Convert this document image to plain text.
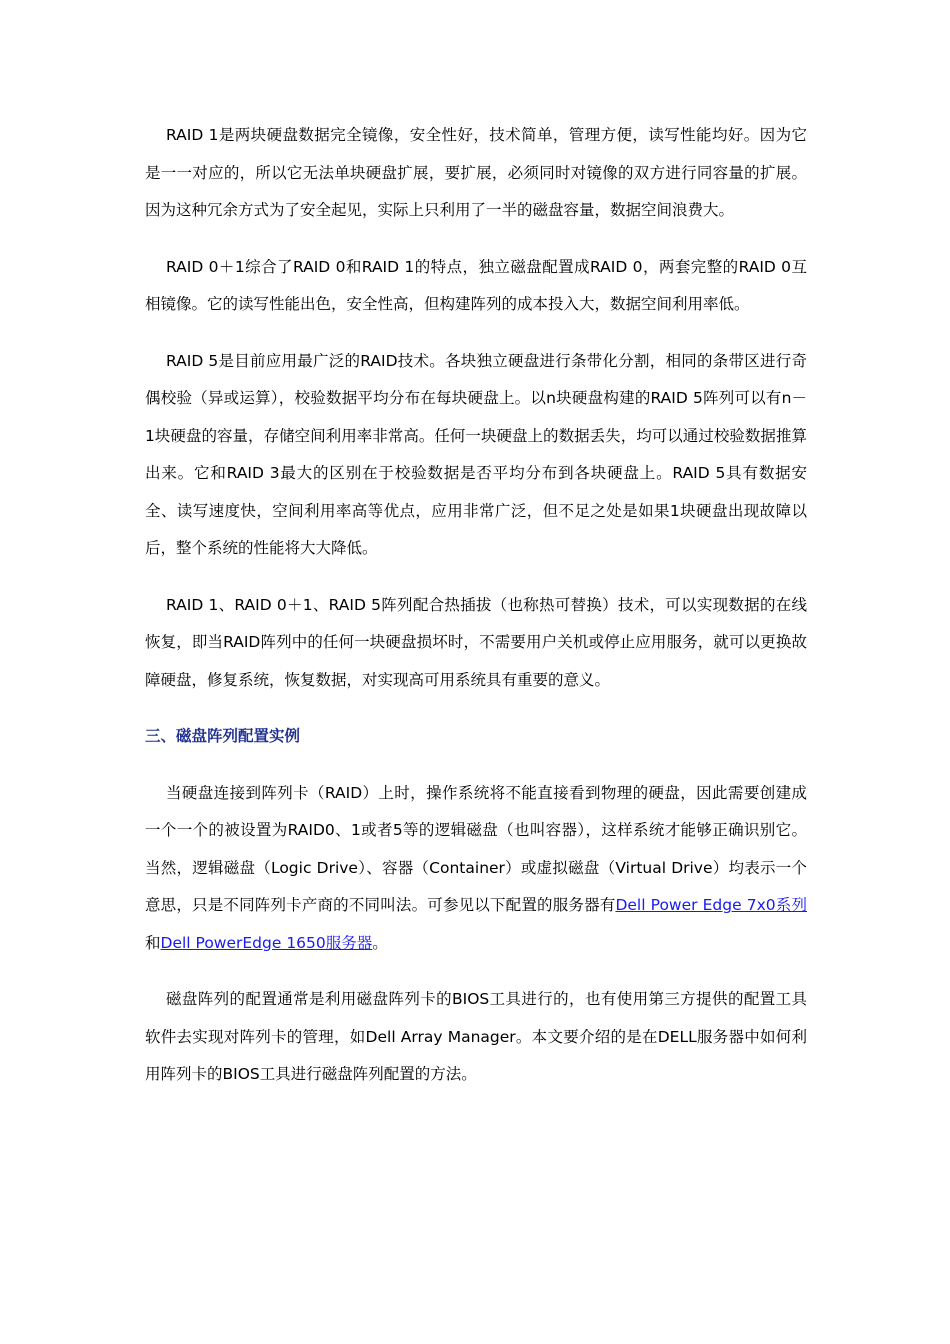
RAID 1是两块硬盘数据完全镜像，安全性好，技术简单，管理方便，读写性能均好。因为它是一一对应的，所以它无法单块硬盘扩展，要扩展，必须同时对镜像的双方进行同容量的扩展。因为这种冗余方式为了安全起见，实际上只利用了一半的磁盘容量，数据空间浪费大。

RAID 0＋1综合了RAID 0和RAID 1的特点，独立磁盘配置成RAID 0，两套完整的RAID 0互相镜像。它的读写性能出色，安全性高，但构建阵列的成本投入大，数据空间利用率低。

RAID 5是目前应用最广泛的RAID技术。各块独立硬盘进行条带化分割，相同的条带区进行奇偶校验（异或运算），校验数据平均分布在每块硬盘上。以n块硬盘构建的RAID 5阵列可以有n－1块硬盘的容量，存储空间利用率非常高。任何一块硬盘上的数据丢失，均可以通过校验数据推算出来。它和RAID 3最大的区别在于校验数据是否平均分布到各块硬盘上。RAID 5具有数据安全、读写速度快，空间利用率高等优点，应用非常广泛，但不足之处是如果1块硬盘出现故障以后，整个系统的性能将大大降低。

RAID 1、RAID 0＋1、RAID 5阵列配合热插拔（也称热可替换）技术，可以实现数据的在线恢复，即当RAID阵列中的任何一块硬盘损坏时，不需要用户关机或停止应用服务，就可以更换故障硬盘，修复系统，恢复数据，对实现高可用系统具有重要的意义。

三、磁盘阵列配置实例

当硬盘连接到阵列卡（RAID）上时，操作系统将不能直接看到物理的硬盘，因此需要创建成一个一个的被设置为RAID0、1或者5等的逻辑磁盘（也叫容器），这样系统才能够正确识别它。当然，逻辑磁盘（Logic Drive）、容器（Container）或虚拟磁盘（Virtual Drive）均表示一个意思，只是不同阵列卡产商的不同叫法。可参见以下配置的服务器有Dell Power Edge 7x0系列和Dell PowerEdge 1650服务器。

磁盘阵列的配置通常是利用磁盘阵列卡的BIOS工具进行的，也有使用第三方提供的配置工具软件去实现对阵列卡的管理，如Dell Array Manager。本文要介绍的是在DELL服务器中如何利用阵列卡的BIOS工具进行磁盘阵列配置的方法。
